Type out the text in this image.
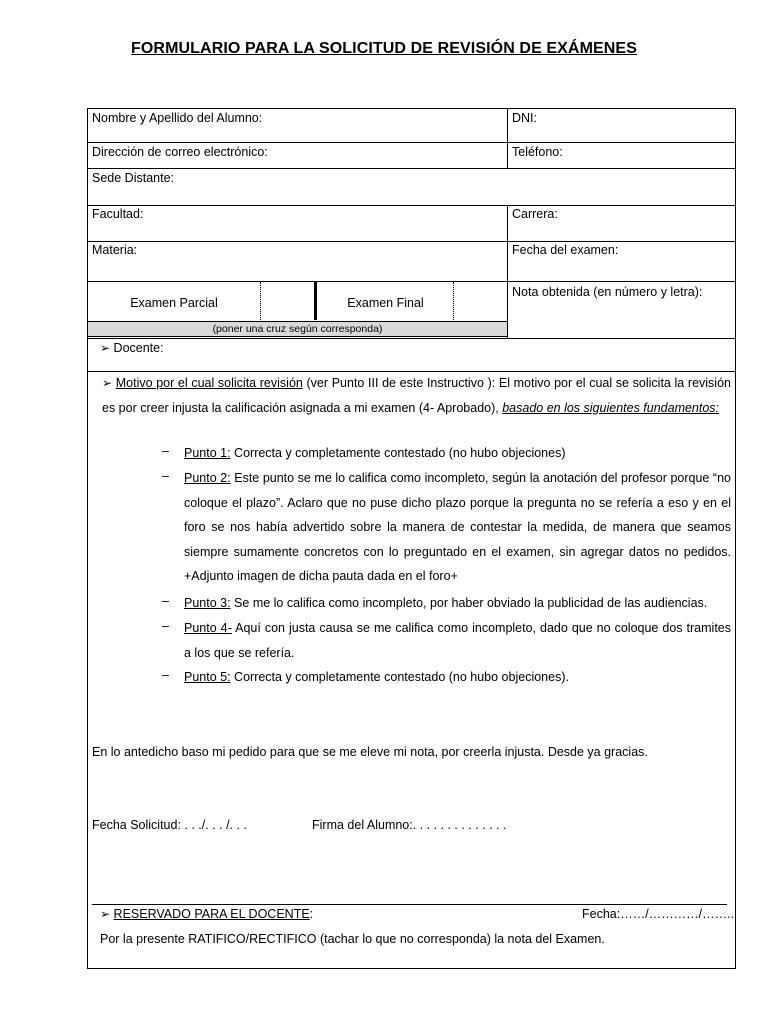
FORMULARIO PARA LA SOLICITUD DE REVISIÓN DE EXÁMENES
Nombre y Apellido del Alumno:	DNI:
Dirección de correo electrónico:	Teléfono:
Sede Distante:
Facultad:	Carrera:
Materia:	Fecha del examen:
Examen Parcial	Examen Final
(poner una cruz según corresponda)
Nota obtenida (en número y letra):
➢ Docente:
➢ Motivo por el cual solicita revisión (ver Punto III de este Instructivo ): El motivo por el cual se solicita la revisión es por creer injusta la calificación asignada a mi examen (4- Aprobado), basado en los siguientes fundamentos:
– Punto 1: Correcta y completamente contestado (no hubo objeciones)
– Punto 2: Este punto se me lo califica como incompleto, según la anotación del profesor porque “no coloque el plazo”. Aclaro que no puse dicho plazo porque la pregunta no se refería a eso y en el foro se nos había advertido sobre la manera de contestar la medida, de manera que seamos siempre sumamente concretos con lo preguntado en el examen, sin agregar datos no pedidos. +Adjunto imagen de dicha pauta dada en el foro+
– Punto 3: Se me lo califica como incompleto, por haber obviado la publicidad de las audiencias.
– Punto 4- Aquí con justa causa se me califica como incompleto, dado que no coloque dos tramites a los que se refería.
– Punto 5: Correcta y completamente contestado (no hubo objeciones).
En lo antedicho baso mi pedido para que se me eleve mi nota, por creerla injusta. Desde ya gracias.
Fecha Solicitud: . . ./. . . /. . .	Firma del Alumno:. . . . . . . . . . . . . .
➢ RESERVADO PARA EL DOCENTE:	Fecha:……/…………/……..
Por la presente RATIFICO/RECTIFICO (tachar lo que no corresponda) la nota del Examen.
